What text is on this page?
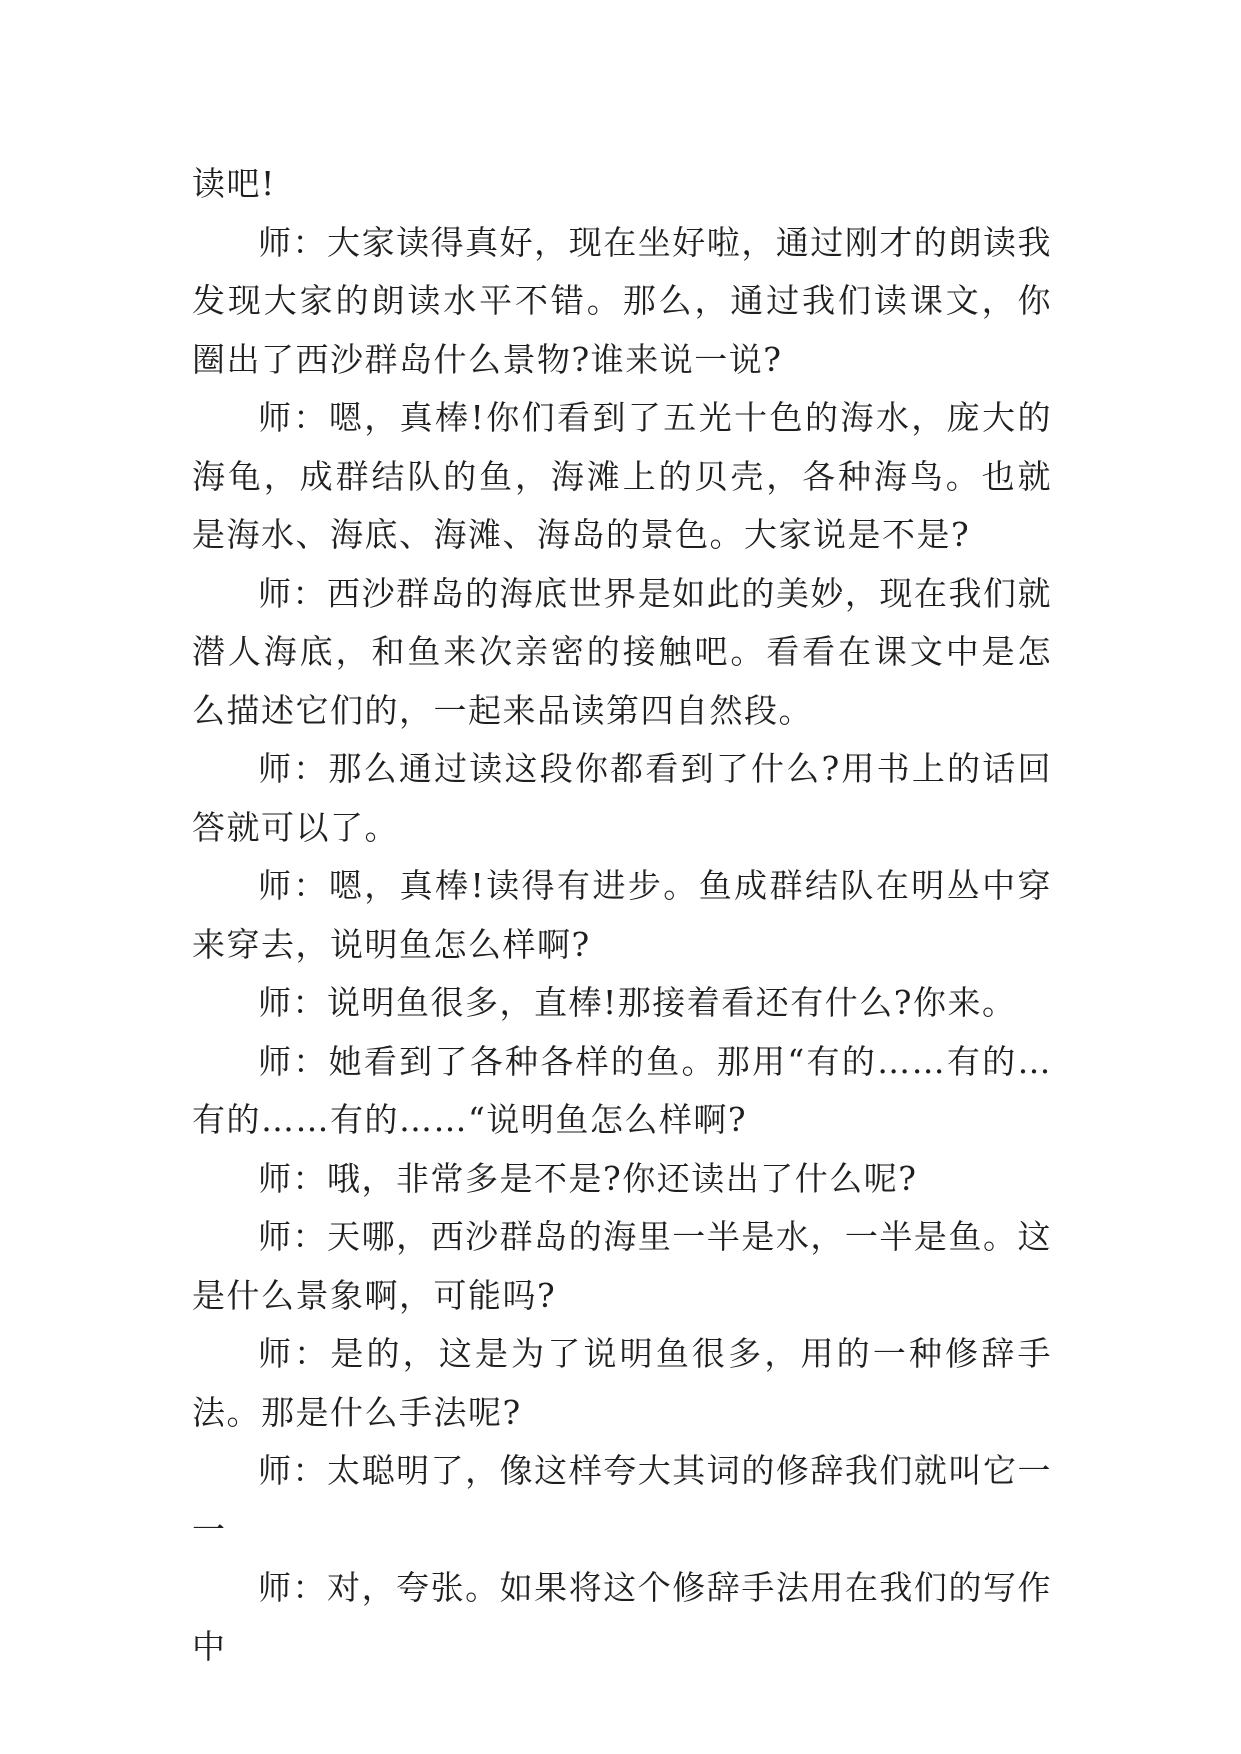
读吧!

师：大家读得真好，现在坐好啦，通过刚才的朗读我发现大家的朗读水平不错。那么，通过我们读课文，你圈出了西沙群岛什么景物?谁来说一说?

师：嗯，真棒!你们看到了五光十色的海水，庞大的海龟，成群结队的鱼，海滩上的贝壳，各种海鸟。也就是海水、海底、海滩、海岛的景色。大家说是不是?

师：西沙群岛的海底世界是如此的美妙，现在我们就潜人海底，和鱼来次亲密的接触吧。看看在课文中是怎么描述它们的，一起来品读第四自然段。

师：那么通过读这段你都看到了什么?用书上的话回答就可以了。

师：嗯，真棒!读得有进步。鱼成群结队在明丛中穿来穿去，说明鱼怎么样啊?

师：说明鱼很多，直棒!那接着看还有什么?你来。

师：她看到了各种各样的鱼。那用“有的……有的…有的……有的……“说明鱼怎么样啊?

师：哦，非常多是不是?你还读出了什么呢?

师：天哪，西沙群岛的海里一半是水，一半是鱼。这是什么景象啊，可能吗?

师：是的，这是为了说明鱼很多，用的一种修辞手法。那是什么手法呢?

师：太聪明了，像这样夸大其词的修辞我们就叫它一一

师：对，夸张。如果将这个修辞手法用在我们的写作中
